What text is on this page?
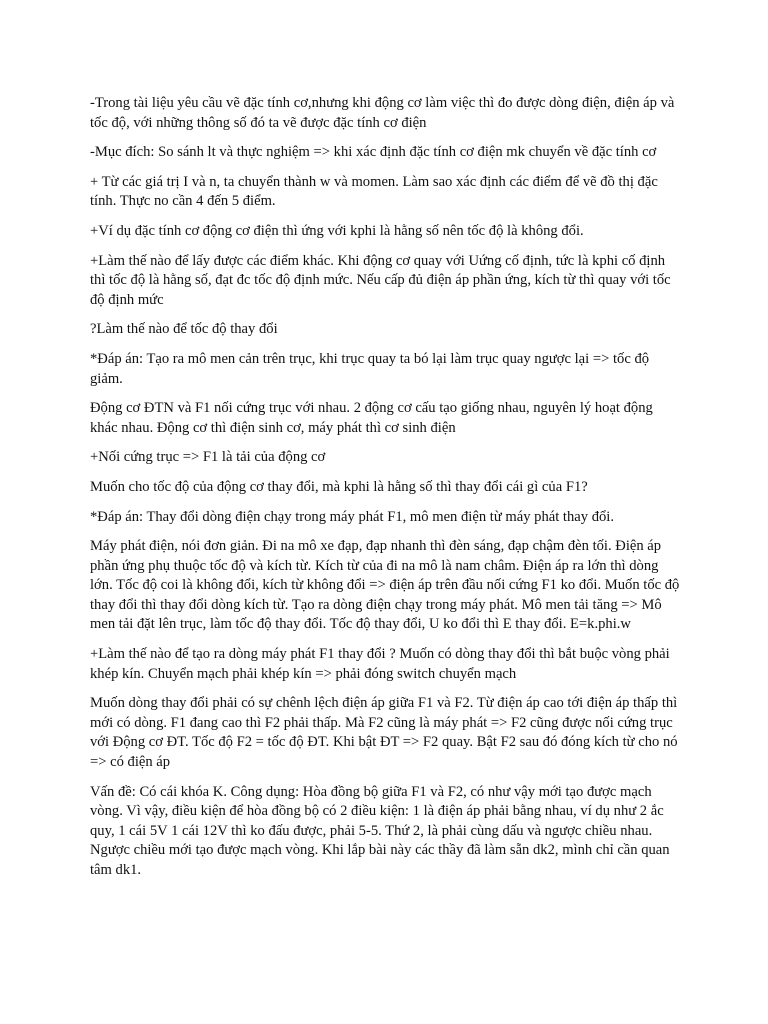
-Trong tài liệu yêu cầu vẽ đặc tính cơ,nhưng khi động cơ làm việc thì đo được dòng điện, điện áp và tốc độ, với những thông số đó ta vẽ được đặc tính cơ điện

-Mục đích: So sánh lt và thực nghiệm => khi xác định đặc tính cơ điện mk chuyển về đặc tính cơ

+ Từ các giá trị I và n, ta chuyển thành w và momen. Làm sao xác định các điểm để vẽ đồ thị đặc tính. Thực no cần 4 đến 5 điểm.

+Ví dụ đặc tính cơ động cơ điện thì ứng với kphi là hằng số nên tốc độ là không đổi.

+Làm thế nào để lấy được các điểm khác. Khi động cơ quay với Uứng cố định, tức là kphi cố định thì tốc độ là hằng số, đạt đc tốc độ định mức. Nếu cấp đủ điện áp phần ứng, kích từ thì quay với tốc độ định mức

?Làm thế nào để tốc độ thay đổi

*Đáp án: Tạo ra mô men cản trên trục, khi trục quay ta bó lại làm trục quay ngược lại => tốc độ giảm.

Động cơ ĐTN và F1 nối cứng trục với nhau. 2 động cơ cấu tạo giống nhau, nguyên lý hoạt động khác nhau. Động cơ thì điện sinh cơ, máy phát thì cơ sinh điện

+Nối cứng trục => F1 là tải của động cơ

Muốn cho tốc độ của động cơ thay đổi, mà kphi là hằng số thì thay đổi cái gì của F1?

*Đáp án: Thay đổi dòng điện chạy trong máy phát F1, mô men điện từ máy phát thay đổi.

Máy phát điện, nói đơn giản. Đi na mô xe đạp, đạp nhanh thì đèn sáng, đạp chậm đèn tối. Điện áp phần ứng phụ thuộc tốc độ và kích từ. Kích từ của đi na mô là nam châm. Điện áp ra lớn thì dòng lớn. Tốc độ coi là không đổi, kích từ không đổi => điện áp trên đầu nối cứng F1 ko đổi. Muốn tốc độ thay đổi thì thay đổi dòng kích từ. Tạo ra dòng điện chạy trong máy phát. Mô men tải tăng => Mô men tải đặt lên trục, làm tốc độ thay đổi. Tốc độ thay đổi, U ko đổi thì E thay đổi. E=k.phi.w

+Làm thế nào để tạo ra dòng máy phát F1 thay đổi ? Muốn có dòng thay đổi thì bắt buộc vòng phải khép kín. Chuyển mạch phải khép kín => phải đóng switch chuyển mạch

Muốn dòng thay đổi phải có sự chênh lệch điện áp giữa F1 và F2. Từ điện áp cao tới điện áp thấp thì mới có dòng. F1 đang cao thì F2 phải thấp. Mà F2 cũng là máy phát => F2 cũng được nối cứng trục với Động cơ ĐT. Tốc độ F2 = tốc độ ĐT. Khi bật ĐT => F2 quay. Bật F2 sau đó đóng kích từ cho nó => có điện áp

Vấn đề: Có cái khóa K. Công dụng: Hòa đồng bộ giữa F1 và F2, có như vậy mới tạo được mạch vòng. Vì vậy, điều kiện để hòa đồng bộ có 2 điều kiện: 1 là điện áp phải bằng nhau, ví dụ như 2 ắc quy, 1 cái 5V 1 cái 12V thì ko đấu được, phải 5-5. Thứ 2, là phải cùng dấu và ngược chiều nhau. Ngược chiều mới tạo được mạch vòng. Khi lắp bài này các thầy đã làm sẵn dk2, mình chỉ cần quan tâm dk1.
